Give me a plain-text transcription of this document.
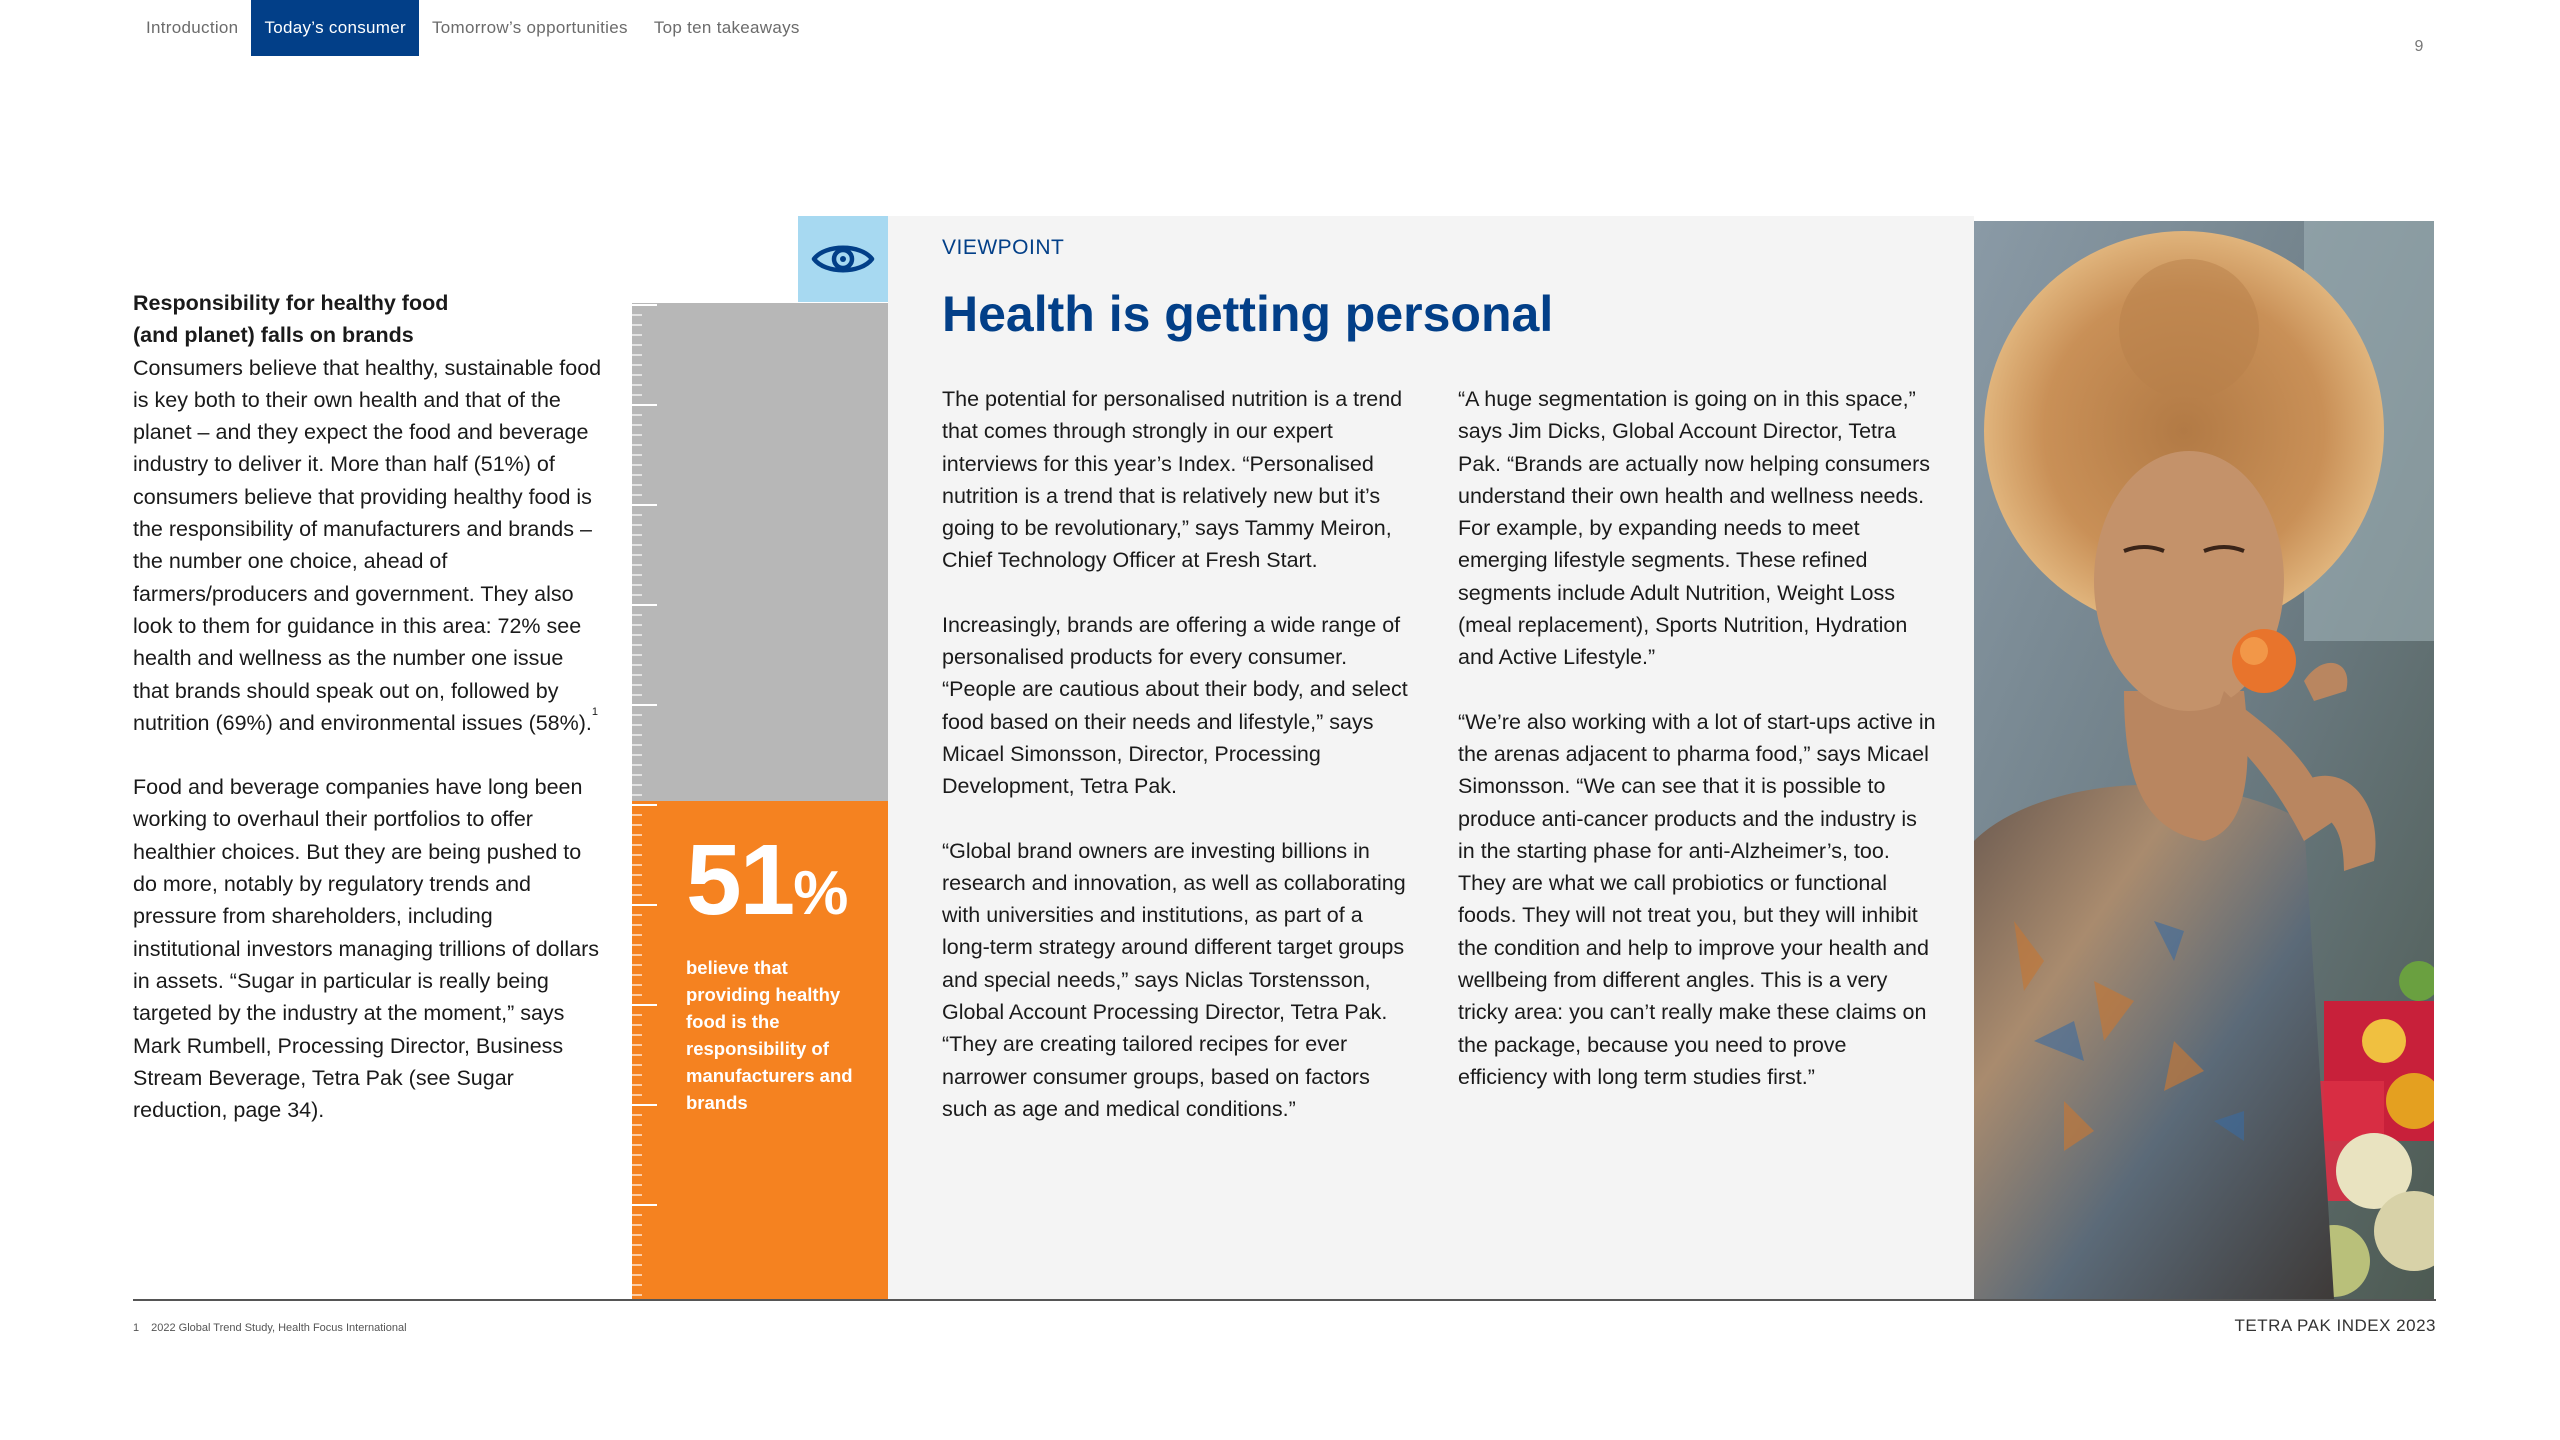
Introduction	Today’s consumer	Tomorrow’s opportunities	Top ten takeaways
9
Responsibility for healthy food
(and planet) falls on brands

Consumers believe that healthy, sustainable food is key both to their own health and that of the planet – and they expect the food and beverage industry to deliver it. More than half (51%) of consumers believe that providing healthy food is the responsibility of manufacturers and brands – the number one choice, ahead of farmers/producers and government. They also look to them for guidance in this area: 72% see health and wellness as the number one issue that brands should speak out on, followed by nutrition (69%) and environmental issues (58%).$^1$

Food and beverage companies have long been working to overhaul their portfolios to offer healthier choices. But they are being pushed to do more, notably by regulatory trends and pressure from shareholders, including institutional investors managing trillions of dollars in assets. “Sugar in particular is really being targeted by the industry at the moment,” says Mark Rumbell, Processing Director, Business Stream Beverage, Tetra Pak (see Sugar reduction, page 34).

51%
believe that providing healthy food is the responsibility of manufacturers and brands
VIEWPOINT
Health is getting personal

The potential for personalised nutrition is a trend that comes through strongly in our expert interviews for this year’s Index. “Personalised nutrition is a trend that is relatively new but it’s going to be revolutionary,” says Tammy Meiron, Chief Technology Officer at Fresh Start.

Increasingly, brands are offering a wide range of personalised products for every consumer. “People are cautious about their body, and select food based on their needs and lifestyle,” says Micael Simonsson, Director, Processing Development, Tetra Pak.

“Global brand owners are investing billions in research and innovation, as well as collaborating with universities and institutions, as part of a long-term strategy around different target groups and special needs,” says Niclas Torstensson, Global Account Processing Director, Tetra Pak. “They are creating tailored recipes for ever narrower consumer groups, based on factors such as age and medical conditions.”

“A huge segmentation is going on in this space,” says Jim Dicks, Global Account Director, Tetra Pak. “Brands are actually now helping consumers understand their own health and wellness needs.
For example, by expanding needs to meet emerging lifestyle segments. These refined segments include Adult Nutrition, Weight Loss (meal replacement), Sports Nutrition, Hydration and Active Lifestyle.”

“We’re also working with a lot of start-ups active in the arenas adjacent to pharma food,” says Micael Simonsson. “We can see that it is possible to produce anti-cancer products and the industry is in the starting phase for anti-Alzheimer’s, too. They are what we call probiotics or functional foods. They will not treat you, but they will inhibit the condition and help to improve your health and wellbeing from different angles. This is a very tricky area: you can’t really make these claims on the package, because you need to prove efficiency with long term studies first.”

1 2022 Global Trend Study, Health Focus International	TETRA PAK INDEX 2023
